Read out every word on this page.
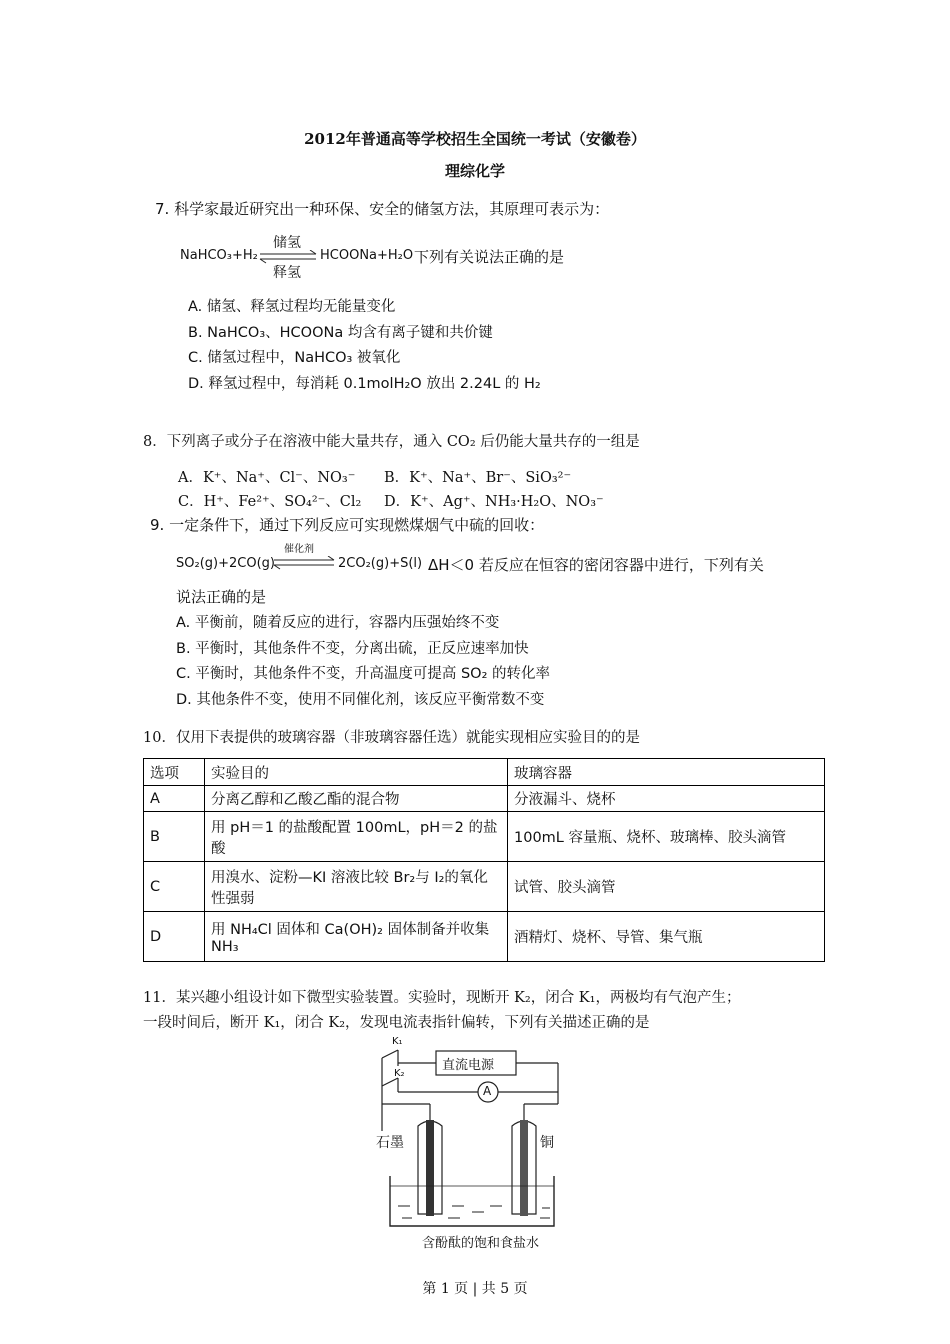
2012年普通高等学校招生全国统一考试（安徽卷）
理综化学
7. 科学家最近研究出一种环保、安全的储氢方法，其原理可表示为：
NaHCO₃+H₂
储氢
释氢
HCOONa+H₂O 下列有关说法正确的是
A. 储氢、释氢过程均无能量变化
B. NaHCO₃、HCOONa 均含有离子键和共价键
C. 储氢过程中，NaHCO₃ 被氧化
D. 释氢过程中，每消耗 0.1molH₂O 放出 2.24L 的 H₂
8．下列离子或分子在溶液中能大量共存，通入 CO₂ 后仍能大量共存的一组是
A．K⁺、Na⁺、Cl⁻、NO₃⁻ B．K⁺、Na⁺、Br⁻、SiO₃²⁻
C．H⁺、Fe²⁺、SO₄²⁻、Cl₂ D．K⁺、Ag⁺、NH₃·H₂O、NO₃⁻
9. 一定条件下，通过下列反应可实现燃煤烟气中硫的回收：
SO₂(g)+2CO(g)
催化剂
⇌ 2CO₂(g)+S(l) ΔH＜0 若反应在恒容的密闭容器中进行，下列有关
说法正确的是
A. 平衡前，随着反应的进行，容器内压强始终不变
B. 平衡时，其他条件不变，分离出硫，正反应速率加快
C. 平衡时，其他条件不变，升高温度可提高 SO₂ 的转化率
D. 其他条件不变，使用不同催化剂，该反应平衡常数不变
10．仅用下表提供的玻璃容器（非玻璃容器任选）就能实现相应实验目的的是
选项	实验目的	玻璃容器
A	分离乙醇和乙酸乙酯的混合物	分液漏斗、烧杯
B	用 pH＝1 的盐酸配置 100mL，pH＝2 的盐酸	100mL 容量瓶、烧杯、玻璃棒、胶头滴管
C	用溴水、淀粉—KI 溶液比较 Br₂与 I₂的氧化性强弱	试管、胶头滴管
D	用 NH₄Cl 固体和 Ca(OH)₂ 固体制备并收集 NH₃	酒精灯、烧杯、导管、集气瓶
11．某兴趣小组设计如下微型实验装置。实验时，现断开 K₂，闭合 K₁，两极均有气泡产生；
一段时间后，断开 K₁，闭合 K₂，发现电流表指针偏转，下列有关描述正确的是
K₁
K₂
直流电源
A
石墨	铜
含酚酞的饱和食盐水
第 1 页 | 共 5 页
